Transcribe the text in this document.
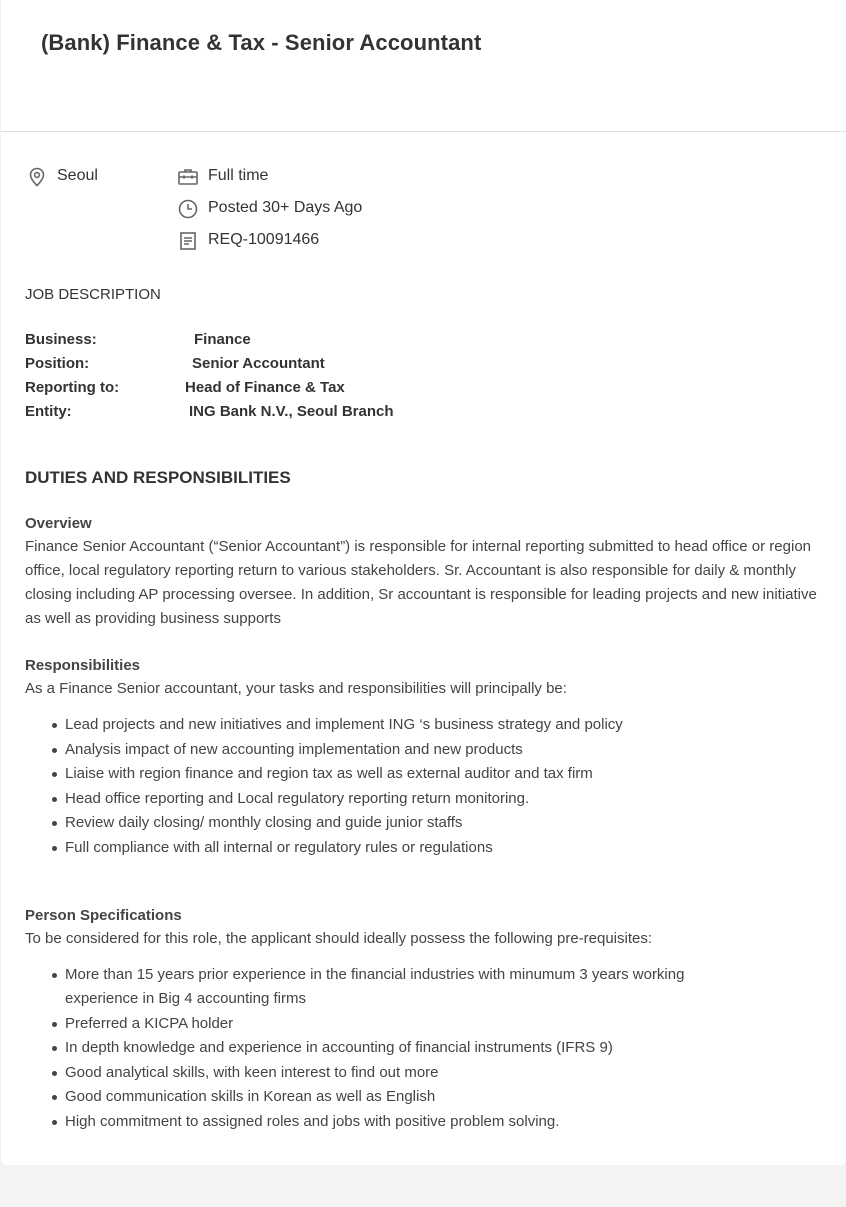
(Bank) Finance & Tax - Senior Accountant
Seoul	Full time
Posted 30+ Days Ago
REQ-10091466
JOB DESCRIPTION
Business:	Finance
Position:	Senior Accountant
Reporting to:	Head of Finance & Tax
Entity:	ING Bank N.V., Seoul Branch
DUTIES AND RESPONSIBILITIES
Overview

Finance Senior Accountant (“Senior Accountant”) is responsible for internal reporting submitted to head office or region office, local regulatory reporting return to various stakeholders. Sr. Accountant is also responsible for daily & monthly closing including AP processing oversee. In addition, Sr accountant is responsible for leading projects and new initiative as well as providing business supports

Responsibilities

As a Finance Senior accountant, your tasks and responsibilities will principally be:

Lead projects and new initiatives and implement ING ‘s business strategy and policy
Analysis impact of new accounting implementation and new products
Liaise with region finance and region tax as well as external auditor and tax firm
Head office reporting and Local regulatory reporting return monitoring.
Review daily closing/ monthly closing and guide junior staffs
Full compliance with all internal or regulatory rules or regulations
Person Specifications

To be considered for this role, the applicant should ideally possess the following pre-requisites:

More than 15 years prior experience in the financial industries with minumum 3 years working experience in Big 4 accounting firms
Preferred a KICPA holder
In depth knowledge and experience in accounting of financial instruments (IFRS 9)
Good analytical skills, with keen interest to find out more
Good communication skills in Korean as well as English
High commitment to assigned roles and jobs with positive problem solving.
